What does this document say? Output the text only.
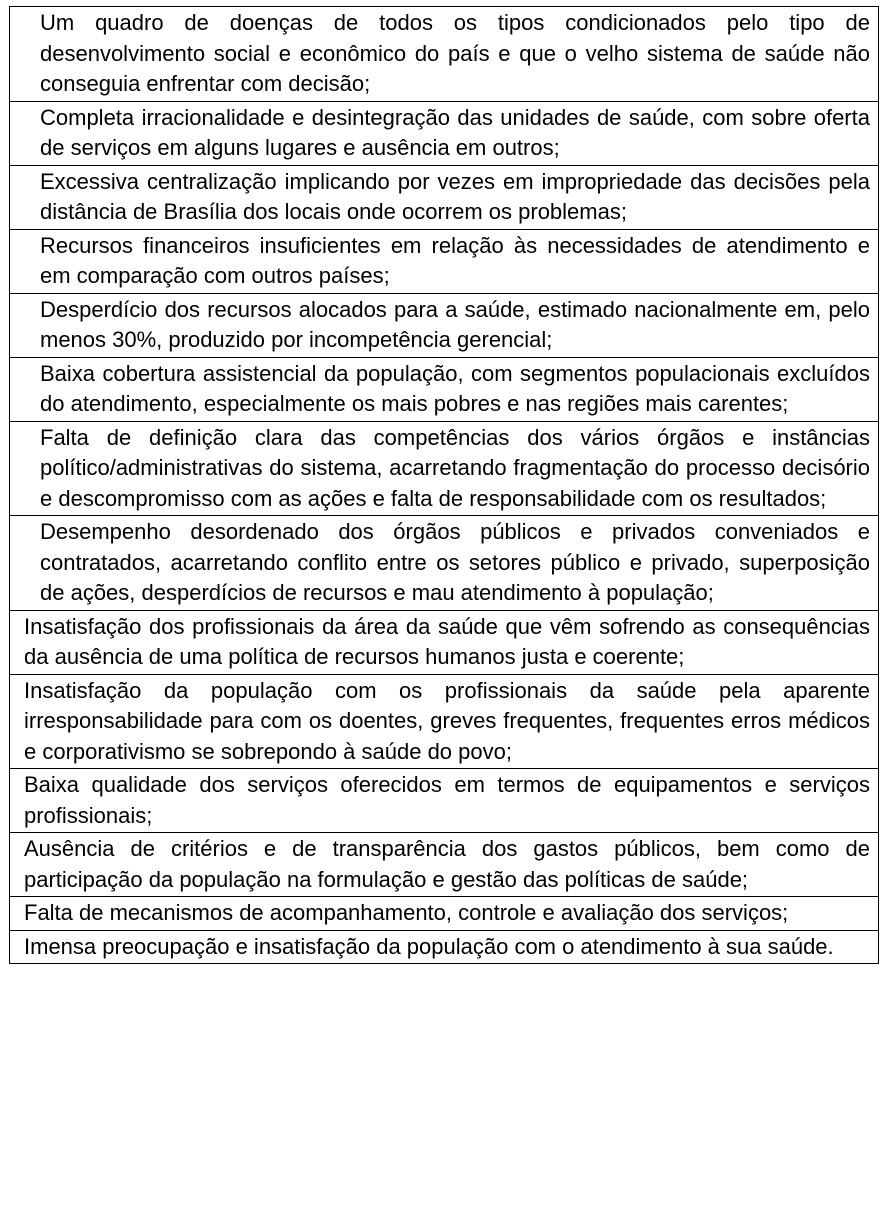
Um quadro de doenças de todos os tipos condicionados pelo tipo de desenvolvimento social e econômico do país e que o velho sistema de saúde não conseguia enfrentar com decisão;
Completa irracionalidade e desintegração das unidades de saúde, com sobre oferta de serviços em alguns lugares e ausência em outros;
Excessiva centralização implicando por vezes em impropriedade das decisões pela distância de Brasília dos locais onde ocorrem os problemas;
Recursos financeiros insuficientes em relação às necessidades de atendimento e em comparação com outros países;
Desperdício dos recursos alocados para a saúde, estimado nacionalmente em, pelo menos 30%, produzido por incompetência gerencial;
Baixa cobertura assistencial da população, com segmentos populacionais excluídos do atendimento, especialmente os mais pobres e nas regiões mais carentes;
Falta de definição clara das competências dos vários órgãos e instâncias político/administrativas do sistema, acarretando fragmentação do processo decisório e descompromisso com as ações e falta de responsabilidade com os resultados;
Desempenho desordenado dos órgãos públicos e privados conveniados e contratados, acarretando conflito entre os setores público e privado, superposição de ações, desperdícios de recursos e mau atendimento à população;
Insatisfação dos profissionais da área da saúde que vêm sofrendo as consequências da ausência de uma política de recursos humanos justa e coerente;
Insatisfação da população com os profissionais da saúde pela aparente irresponsabilidade para com os doentes, greves frequentes, frequentes erros médicos e corporativismo se sobrepondo à saúde do povo;
Baixa qualidade dos serviços oferecidos em termos de equipamentos e serviços profissionais;
Ausência de critérios e de transparência dos gastos públicos, bem como de participação da população na formulação e gestão das políticas de saúde;
Falta de mecanismos de acompanhamento, controle e avaliação dos serviços;
Imensa preocupação e insatisfação da população com o atendimento à sua saúde.
